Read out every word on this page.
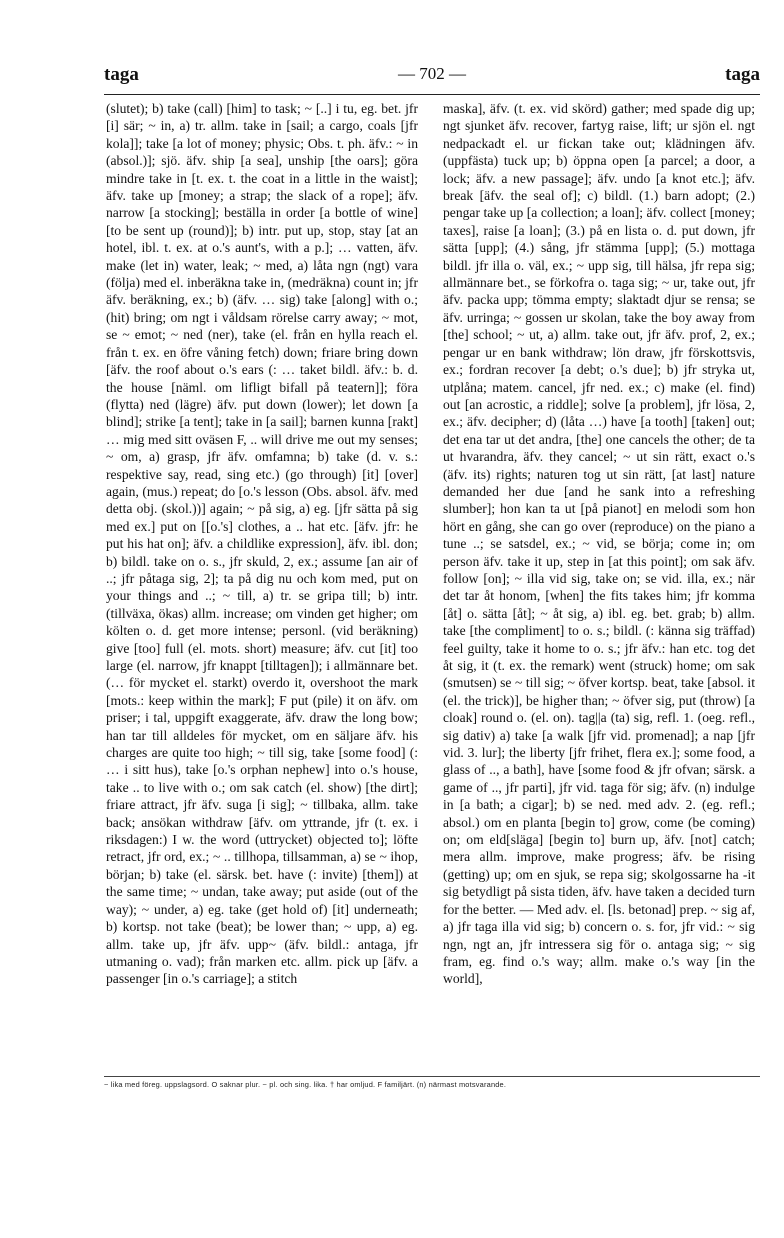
taga	— 702 —	taga

(slutet); b) take (call) [him] to task; ~ [..] i tu, eg. bet. jfr [i] sär; ~ in, a) tr. allm. take in [sail; a cargo, coals [jfr kola]]; take [a lot of money; physic; Obs. t. ph. äfv.: ~ in (absol.)]; sjö. äfv. ship [a sea], unship [the oars]; göra mindre take in [t. ex. t. the coat in a little in the waist]; äfv. take up [money; a strap; the slack of a rope]; äfv. narrow [a stocking]; beställa in order [a bottle of wine] [to be sent up (round)]; b) intr. put up, stop, stay [at an hotel, ibl. t. ex. at o.'s aunt's, with a p.]; … vatten, äfv. make (let in) water, leak; ~ med, a) låta ngn (ngt) vara (följa) med el. inberäkna take in, (medräkna) count in; jfr äfv. beräkning, ex.; b) (äfv. … sig) take [along] with o.; (hit) bring; om ngt i våldsam rörelse carry away; ~ mot, se ~ emot; ~ ned (ner), take (el. från en hylla reach el. från t. ex. en öfre våning fetch) down; friare bring down [äfv. the roof about o.'s ears (: … taket bildl. äfv.: b. d. the house [näml. om lifligt bifall på teatern]]; föra (flytta) ned (lägre) äfv. put down (lower); let down [a blind]; strike [a tent]; take in [a sail]; barnen kunna [rakt] … mig med sitt oväsen F, .. will drive me out my senses; ~ om, a) grasp, jfr äfv. omfamna; b) take (d. v. s.: respektive say, read, sing etc.) (go through) [it] [over] again, (mus.) repeat; do [o.'s lesson (Obs. absol. äfv. med detta obj. (skol.))] again; ~ på sig, a) eg. [jfr sätta på sig med ex.] put on [[o.'s] clothes, a .. hat etc. [äfv. jfr: he put his hat on]; äfv. a childlike expression], äfv. ibl. don; b) bildl. take on o. s., jfr skuld, 2, ex.; assume [an air of ..; jfr påtaga sig, 2]; ta på dig nu och kom med, put on your things and ..; ~ till, a) tr. se gripa till; b) intr. (tillväxa, ökas) allm. increase; om vinden get higher; om költen o. d. get more intense; personl. (vid beräkning) give [too] full (el. mots. short) measure; äfv. cut [it] too large (el. narrow, jfr knappt [tilltagen]); i allmännare bet. (… för mycket el. starkt) overdo it, overshoot the mark [mots.: keep within the mark]; F put (pile) it on äfv. om priser; i tal, uppgift exaggerate, äfv. draw the long bow; han tar till alldeles för mycket, om en säljare äfv. his charges are quite too high; ~ till sig, take [some food] (: … i sitt hus), take [o.'s orphan nephew] into o.'s house, take .. to live with o.; om sak catch (el. show) [the dirt]; friare attract, jfr äfv. suga [i sig]; ~ tillbaka, allm. take back; ansökan withdraw [äfv. om yttrande, jfr (t. ex. i riksdagen:) I w. the word (uttrycket) objected to]; löfte retract, jfr ord, ex.; ~ .. tillhopa, tillsamman, a) se ~ ihop, början; b) take (el. särsk. bet. have (: invite) [them]) at the same time; ~ undan, take away; put aside (out of the way); ~ under, a) eg. take (get hold of) [it] underneath; b) kortsp. not take (beat); be lower than; ~ upp, a) eg. allm. take up, jfr äfv. upp~ (äfv. bildl.: antaga, jfr utmaning o. vad); från marken etc. allm. pick up [äfv. a passenger [in o.'s carriage]; a stitch

maska], äfv. (t. ex. vid skörd) gather; med spade dig up; ngt sjunket äfv. recover, fartyg raise, lift; ur sjön el. ngt nedpackadt el. ur fickan take out; klädningen äfv. (uppfästa) tuck up; b) öppna open [a parcel; a door, a lock; äfv. a new passage]; äfv. undo [a knot etc.]; äfv. break [äfv. the seal of]; c) bildl. (1.) barn adopt; (2.) pengar take up [a collection; a loan]; äfv. collect [money; taxes], raise [a loan]; (3.) på en lista o. d. put down, jfr sätta [upp]; (4.) sång, jfr stämma [upp]; (5.) mottaga bildl. jfr illa o. väl, ex.; ~ upp sig, till hälsa, jfr repa sig; allmännare bet., se förkofra o. taga sig; ~ ur, take out, jfr äfv. packa upp; tömma empty; slaktadt djur se rensa; se äfv. urringa; ~ gossen ur skolan, take the boy away from [the] school; ~ ut, a) allm. take out, jfr äfv. prof, 2, ex.; pengar ur en bank withdraw; lön draw, jfr förskottsvis, ex.; fordran recover [a debt; o.'s due]; b) jfr stryka ut, utplåna; matem. cancel, jfr ned. ex.; c) make (el. find) out [an acrostic, a riddle]; solve [a problem], jfr lösa, 2, ex.; äfv. decipher; d) (låta …) have [a tooth] [taken] out; det ena tar ut det andra, [the] one cancels the other; de ta ut hvarandra, äfv. they cancel; ~ ut sin rätt, exact o.'s (äfv. its) rights; naturen tog ut sin rätt, [at last] nature demanded her due [and he sank into a refreshing slumber]; hon kan ta ut [på pianot] en melodi som hon hört en gång, she can go over (reproduce) on the piano a tune ..; se satsdel, ex.; ~ vid, se börja; come in; om person äfv. take it up, step in [at this point]; om sak äfv. follow [on]; ~ illa vid sig, take on; se vid. illa, ex.; när det tar åt honom, [when] the fits takes him; jfr komma [åt] o. sätta [åt]; ~ åt sig, a) ibl. eg. bet. grab; b) allm. take [the compliment] to o. s.; bildl. (: känna sig träffad) feel guilty, take it home to o. s.; jfr äfv.: han etc. tog det åt sig, it (t. ex. the remark) went (struck) home; om sak (smutsen) se ~ till sig; ~ öfver kortsp. beat, take [absol. it (el. the trick)], be higher than; ~ öfver sig, put (throw) [a cloak] round o. (el. on). tag||a (ta) sig, refl. 1. (oeg. refl., sig dativ) a) take [a walk [jfr vid. promenad]; a nap [jfr vid. 3. lur]; the liberty [jfr frihet, flera ex.]; some food, a glass of .., a bath], have [some food & jfr ofvan; särsk. a game of .., jfr parti], jfr vid. taga för sig; äfv. (n) indulge in [a bath; a cigar]; b) se ned. med adv. 2. (eg. refl.; absol.) om en planta [begin to] grow, come (be coming) on; om eld[släga] [begin to] burn up, äfv. [not] catch; mera allm. improve, make progress; äfv. be rising (getting) up; om en sjuk, se repa sig; skolgossarne ha -it sig betydligt på sista tiden, äfv. have taken a decided turn for the better. — Med adv. el. [ls. betonad] prep. ~ sig af, a) jfr taga illa vid sig; b) concern o. s. for, jfr vid.: ~ sig ngn, ngt an, jfr intressera sig för o. antaga sig; ~ sig fram, eg. find o.'s way; allm. make o.'s way [in the world],

~ lika med föreg. uppslagsord. O saknar plur. ~ pl. och sing. lika. † har omljud. F familjärt. (n) närmast motsvarande.
